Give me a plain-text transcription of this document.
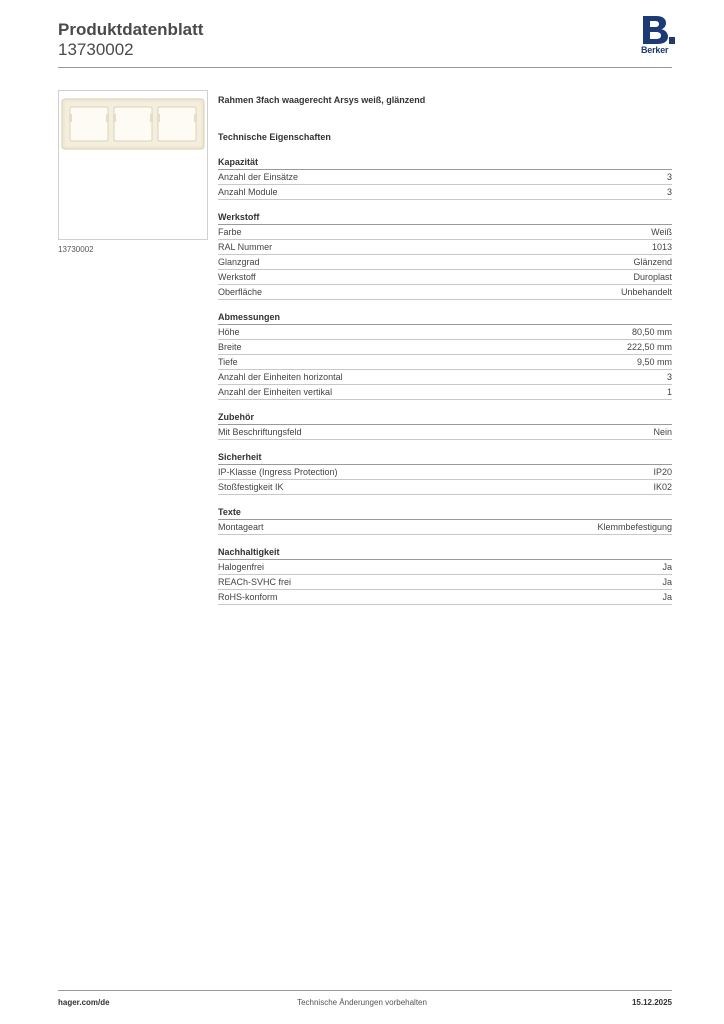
Produktdatenblatt
13730002	Berker
13730002
Rahmen 3fach waagerecht Arsys weiß, glänzend
Technische Eigenschaften
Kapazität
Anzahl der Einsätze	3
Anzahl Module	3
Werkstoff
Farbe	Weiß
RAL Nummer	1013
Glanzgrad	Glänzend
Werkstoff	Duroplast
Oberfläche	Unbehandelt
Abmessungen
Höhe	80,50 mm
Breite	222,50 mm
Tiefe	9,50 mm
Anzahl der Einheiten horizontal	3
Anzahl der Einheiten vertikal	1
Zubehör
Mit Beschriftungsfeld	Nein
Sicherheit
IP-Klasse (Ingress Protection)	IP20
Stoßfestigkeit IK	IK02
Texte
Montageart	Klemmbefestigung
Nachhaltigkeit
Halogenfrei	Ja
REACh-SVHC frei	Ja
RoHS-konform	Ja
hager.com/de	Technische Änderungen vorbehalten	15.12.2025
